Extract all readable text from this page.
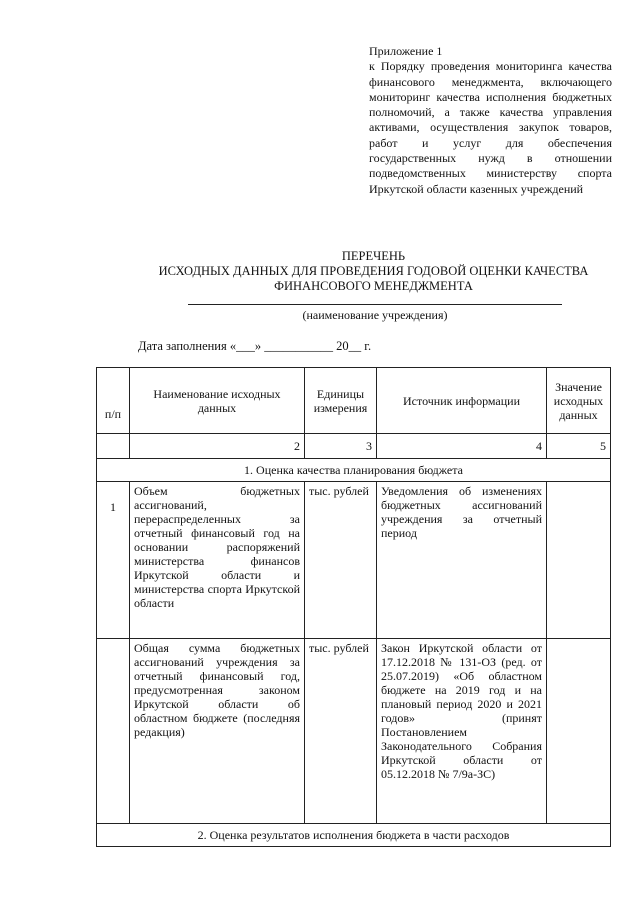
Приложение 1
к Порядку проведения мониторинга качества финансового менеджмента, включающего мониторинг качества исполнения бюджетных полномочий, а также качества управления активами, осуществления закупок товаров, работ и услуг для обеспечения государственных нужд в отношении подведомственных министерству спорта Иркутской области казенных учреждений
ПЕРЕЧЕНЬ
ИСХОДНЫХ ДАННЫХ ДЛЯ ПРОВЕДЕНИЯ ГОДОВОЙ ОЦЕНКИ КАЧЕСТВА
ФИНАНСОВОГО МЕНЕДЖМЕНТА
(наименование учреждения)
Дата заполнения «___» ___________ 20__ г.
п/п	Наименование исходных данных	Единицы измерения	Источник информации	Значение исходных данных
	2	3	4	5
1. Оценка качества планирования бюджета				
1	Объем бюджетных ассигнований, перераспределенных за отчетный финансовый год на основании распоряжений министерства финансов Иркутской области и министерства спорта Иркутской области	тыс. рублей	Уведомления об изменениях бюджетных ассигнований учреждения за отчетный период	
	Общая сумма бюджетных ассигнований учреждения за отчетный финансовый год, предусмотренная законом Иркутской области об областном бюджете (последняя редакция)	тыс. рублей	Закон Иркутской области от 17.12.2018 № 131-ОЗ (ред. от 25.07.2019) «Об областном бюджете на 2019 год и на плановый период 2020 и 2021 годов» (принят Постановлением Законодательного Собрания Иркутской области от 05.12.2018 № 7/9а-ЗС)	
2. Оценка результатов исполнения бюджета в части расходов				
